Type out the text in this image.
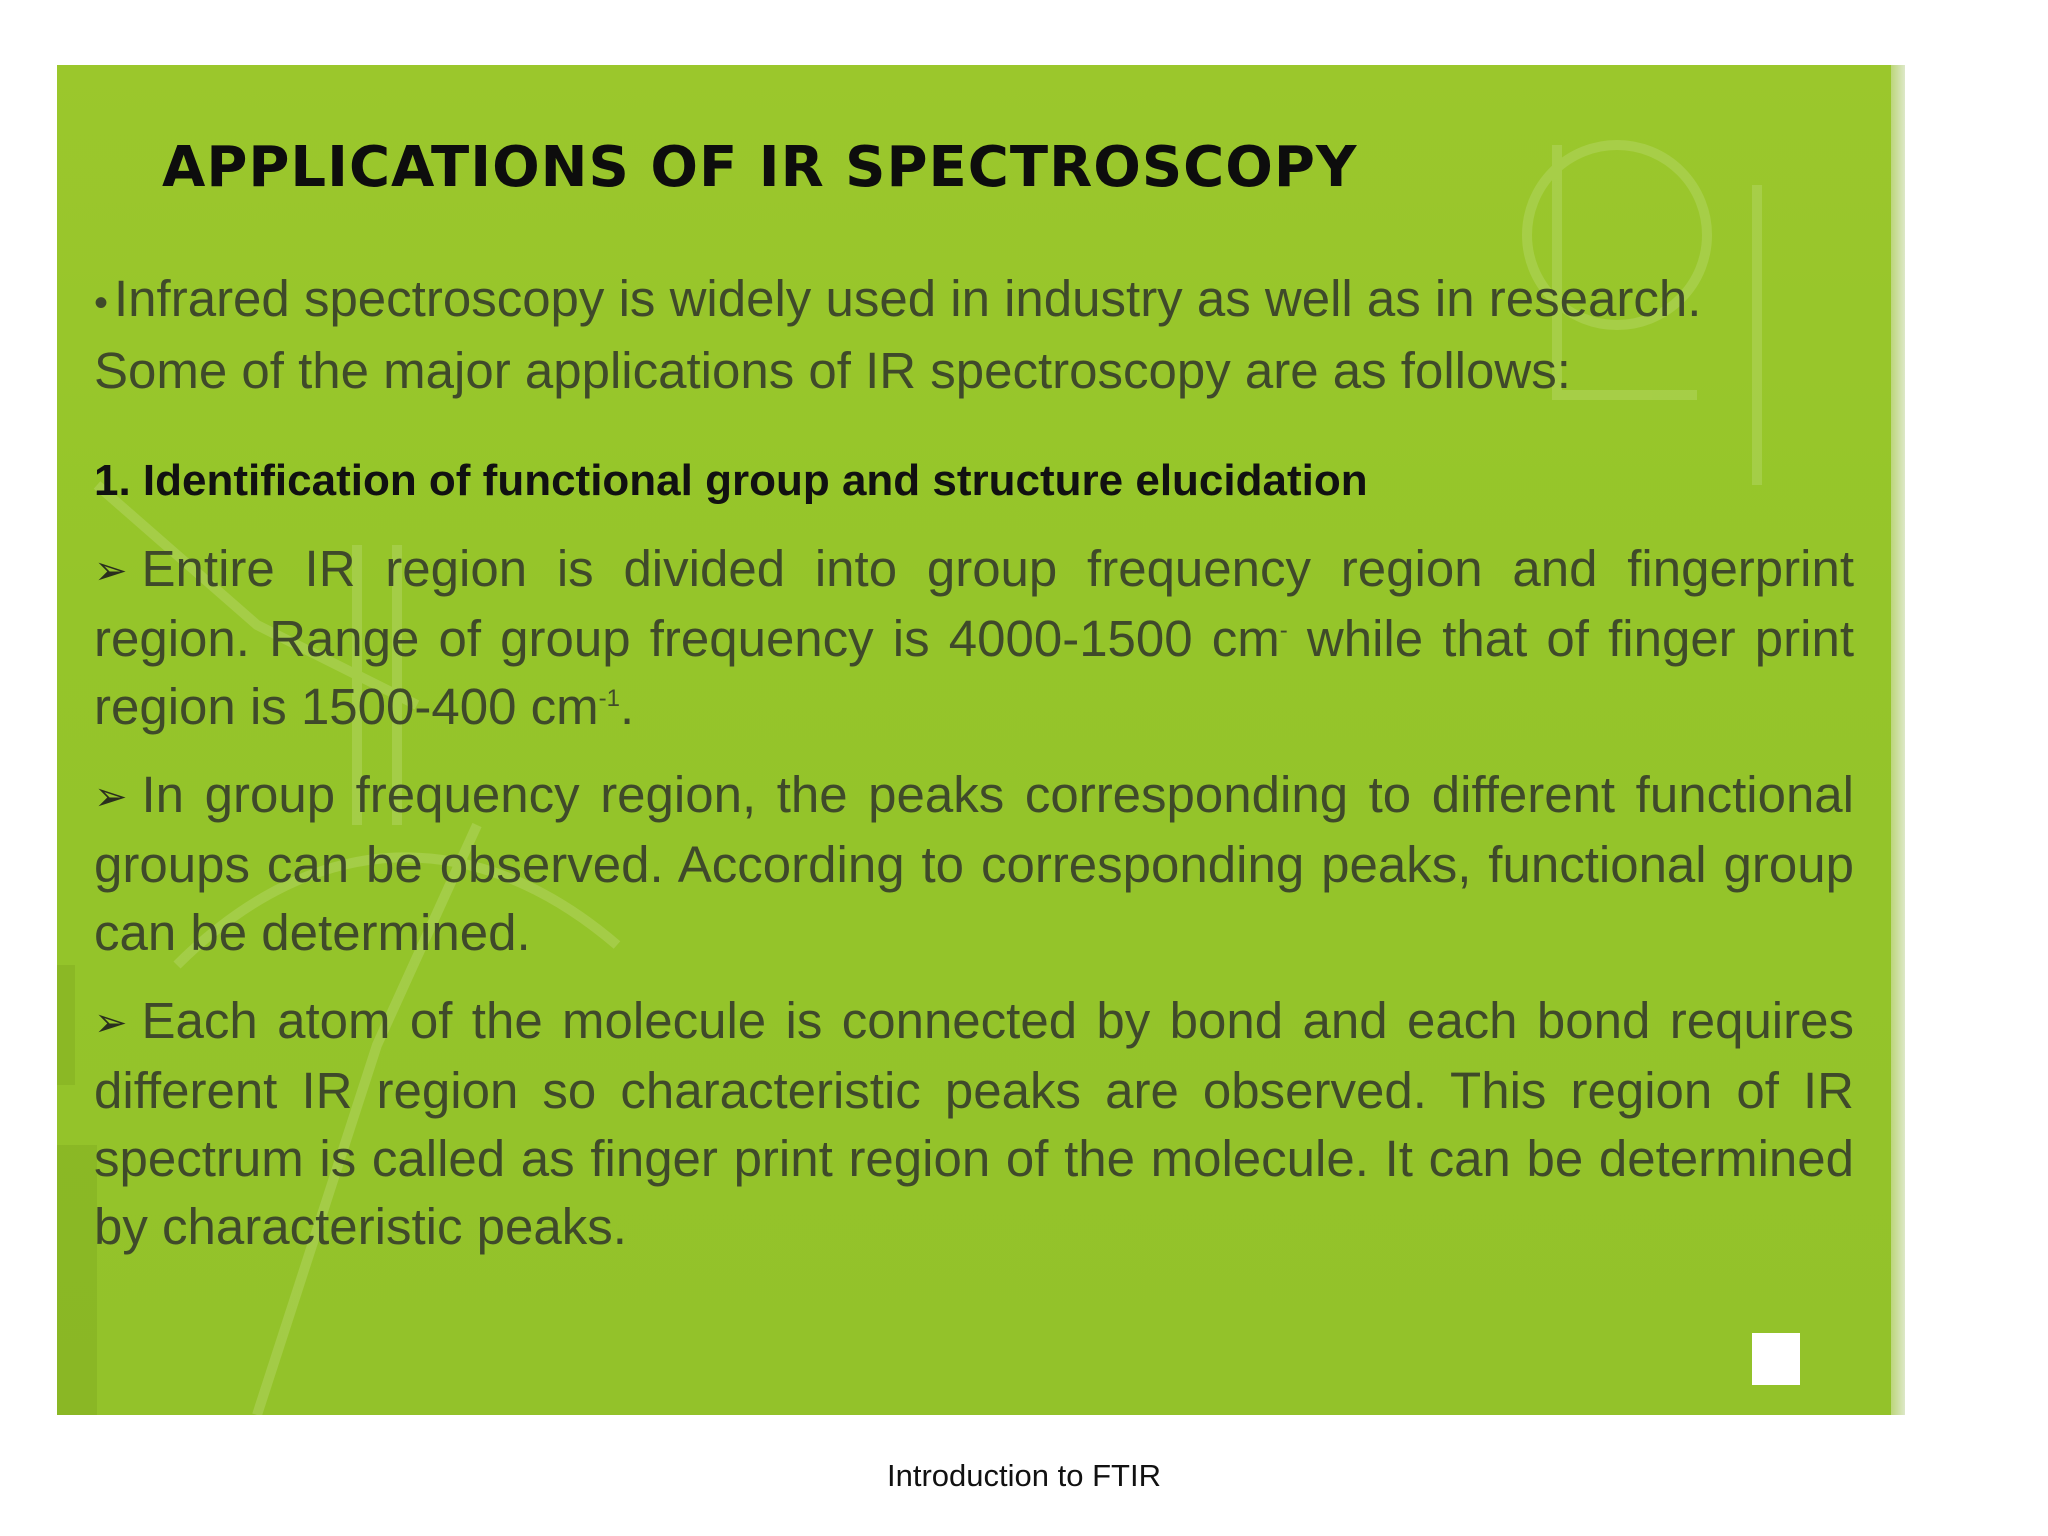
APPLICATIONS OF IR SPECTROSCOPY

• Infrared spectroscopy is widely used in industry as well as in research.

Some of the major applications of IR spectroscopy are as follows:

1. Identification of functional group and structure elucidation

➢ Entire IR region is divided into group frequency region and fingerprint region. Range of group frequency is 4000-1500 cm- while that of finger print region is 1500-400 $cm^{-1}$.

➢ In group frequency region, the peaks corresponding to different functional groups can be observed. According to corresponding peaks, functional group can be determined.

➢ Each atom of the molecule is connected by bond and each bond requires different IR region so characteristic peaks are observed. This region of IR spectrum is called as finger print region of the molecule. It can be determined by characteristic peaks.

Introduction to FTIR
